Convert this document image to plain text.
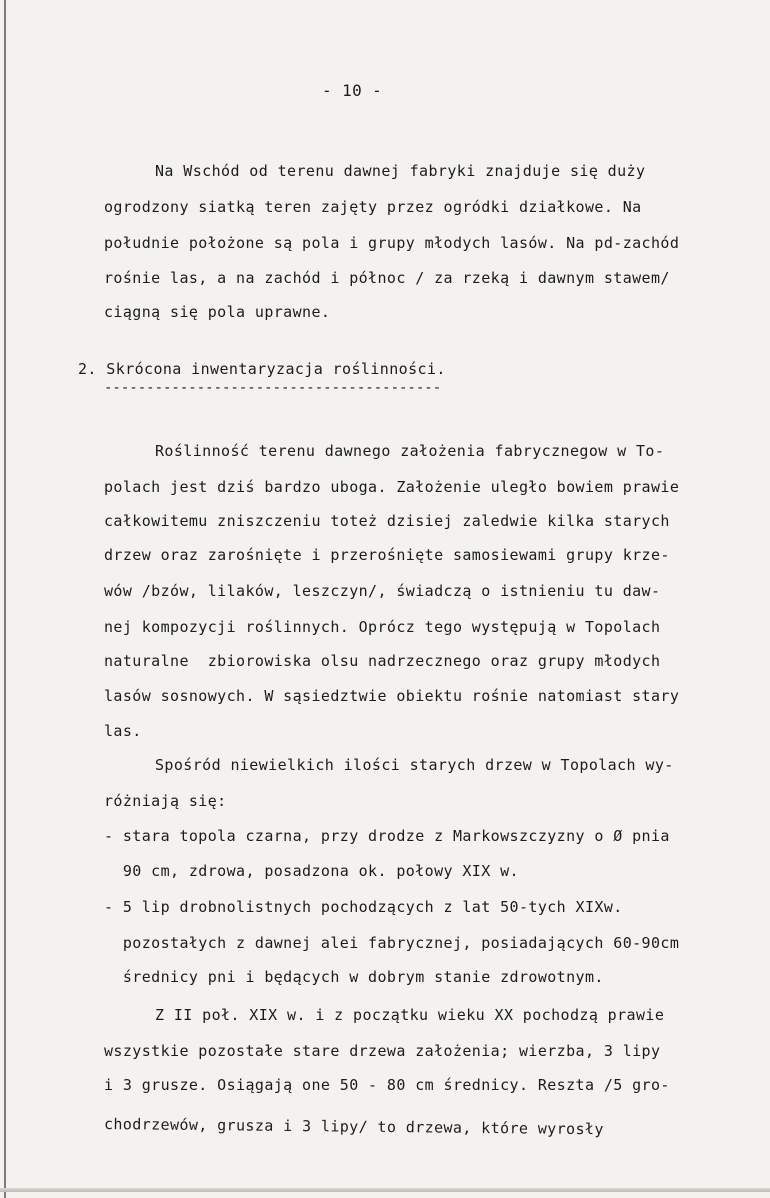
- 10 -
Na Wschód od terenu dawnej fabryki znajduje się duży
ogrodzony siatką teren zajęty przez ogródki działkowe. Na
południe położone są pola i grupy młodych lasów. Na pd-zachód
rośnie las, a na zachód i północ / za rzeką i dawnym stawem/
ciągną się pola uprawne.
2. Skrócona inwentaryzacja roślinności.
----------------------------------------
Roślinność terenu dawnego założenia fabrycznegow w To-
polach jest dziś bardzo uboga. Założenie uległo bowiem prawie
całkowitemu zniszczeniu toteż dzisiej zaledwie kilka starych
drzew oraz zarośnięte i przerośnięte samosiewami grupy krze-
wów /bzów, lilaków, leszczyn/, świadczą o istnieniu tu daw-
nej kompozycji roślinnych. Oprócz tego występują w Topolach
naturalne  zbiorowiska olsu nadrzecznego oraz grupy młodych
lasów sosnowych. W sąsiedztwie obiektu rośnie natomiast stary
las.
Spośród niewielkich ilości starych drzew w Topolach wy-
różniają się:
- stara topola czarna, przy drodze z Markowszczyzny o Ø pnia
90 cm, zdrowa, posadzona ok. połowy XIX w.
- 5 lip drobnolistnych pochodzących z lat 50-tych XIXw.
pozostałych z dawnej alei fabrycznej, posiadających 60-90cm
średnicy pni i będących w dobrym stanie zdrowotnym.
Z II poł. XIX w. i z początku wieku XX pochodzą prawie
wszystkie pozostałe stare drzewa założenia; wierzba, 3 lipy
i 3 grusze. Osiągają one 50 - 80 cm średnicy. Reszta /5 gro-
chodrzewów, grusza i 3 lipy/ to drzewa, które wyrosły
